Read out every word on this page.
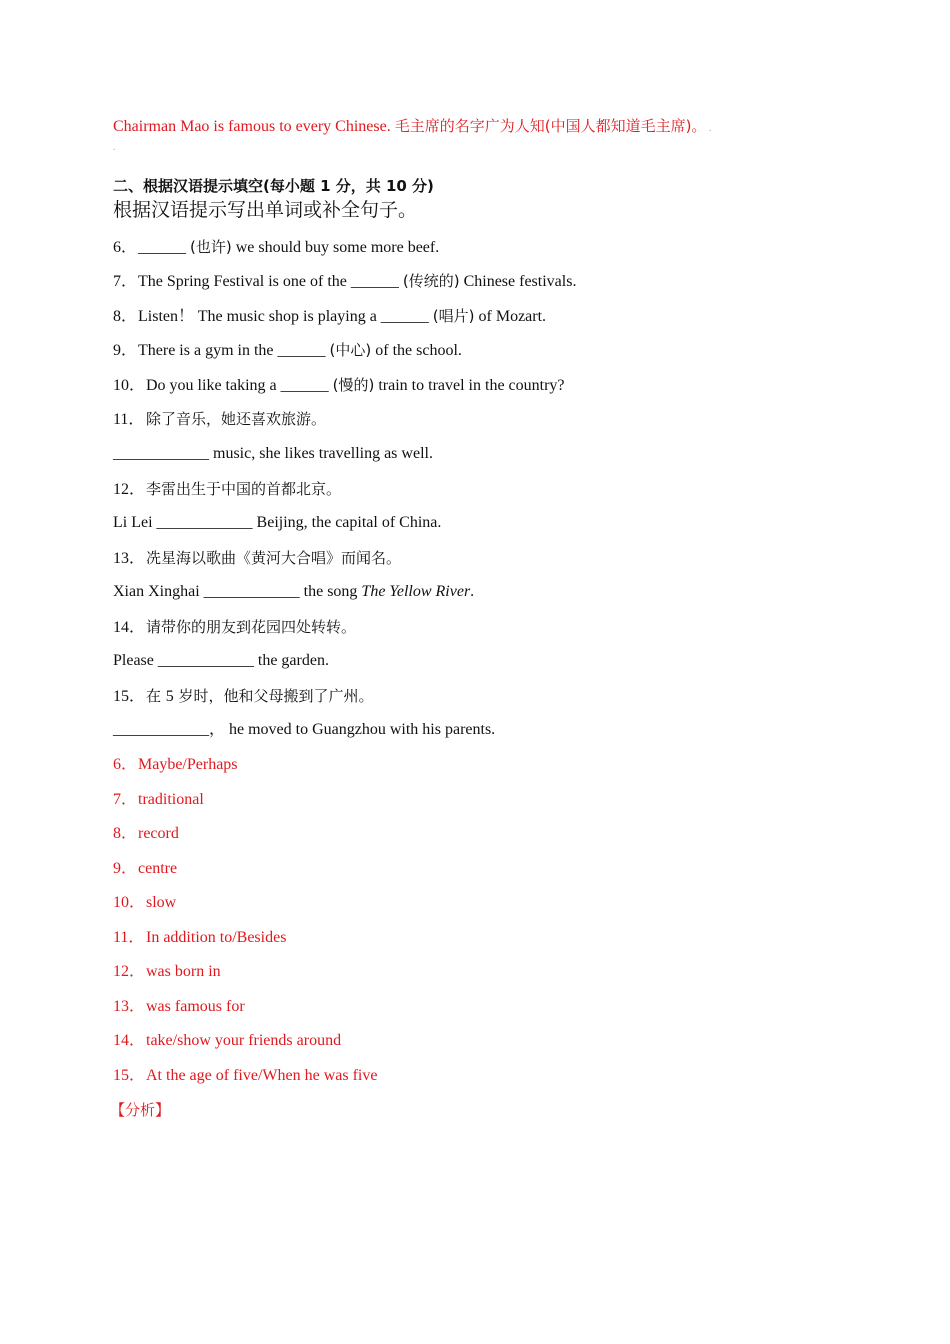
Chairman Mao is famous to every Chinese. 毛主席的名字广为人知(中国人都知道毛主席)。 .
.
二、根据汉语提示填空(每小题 1 分，共 10 分)
根据汉语提示写出单词或补全句子。
6．______ (也许) we should buy some more beef.
7．The Spring Festival is one of the ______ (传统的) Chinese festivals.
8．Listen！ The music shop is playing a ______ (唱片) of Mozart.
9．There is a gym in the ______ (中心) of the school.
10．Do you like taking a ______ (慢的) train to travel in the country?
11． 除了音乐，她还喜欢旅游。
____________ music, she likes travelling as well.
12．李雷出生于中国的首都北京。
Li Lei ____________ Beijing, the capital of China.
13．冼星海以歌曲《黄河大合唱》而闻名。
Xian Xinghai ____________ the song The Yellow River.
14．请带你的朋友到花园四处转转。
Please ____________ the garden.
15．在 5 岁时，他和父母搬到了广州。
____________， he moved to Guangzhou with his parents.
6．Maybe/Perhaps
7．traditional
8．record
9．centre
10．slow
11．In addition to/Besides
12．was born in
13．was famous for
14．take/show your friends around
15．At the age of five/When he was five
【分析】
